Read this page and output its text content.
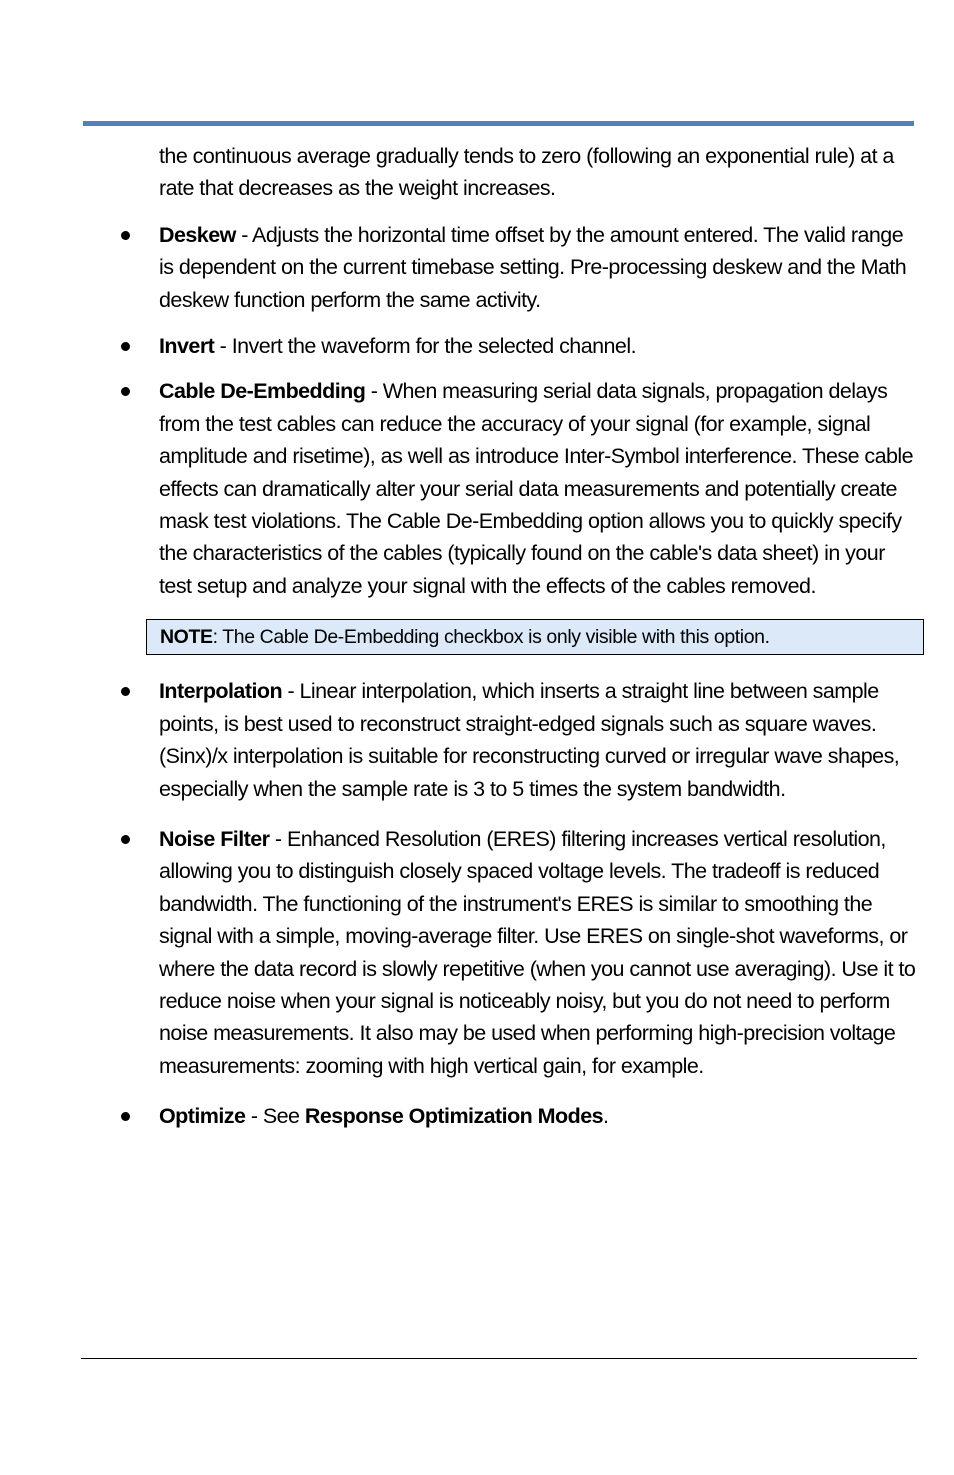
the continuous average gradually tends to zero (following an exponential rule) at a rate that decreases as the weight increases.
Deskew - Adjusts the horizontal time offset by the amount entered. The valid range is dependent on the current timebase setting. Pre-processing deskew and the Math deskew function perform the same activity.
Invert - Invert the waveform for the selected channel.
Cable De-Embedding - When measuring serial data signals, propagation delays from the test cables can reduce the accuracy of your signal (for example, signal amplitude and risetime), as well as introduce Inter-Symbol interference. These cable effects can dramatically alter your serial data measurements and potentially create mask test violations. The Cable De-Embedding option allows you to quickly specify the characteristics of the cables (typically found on the cable's data sheet) in your test setup and analyze your signal with the effects of the cables removed.
NOTE: The Cable De-Embedding checkbox is only visible with this option.
Interpolation - Linear interpolation, which inserts a straight line between sample points, is best used to reconstruct straight-edged signals such as square waves. (Sinx)/x interpolation is suitable for reconstructing curved or irregular wave shapes, especially when the sample rate is 3 to 5 times the system bandwidth.
Noise Filter - Enhanced Resolution (ERES) filtering increases vertical resolution, allowing you to distinguish closely spaced voltage levels. The tradeoff is reduced bandwidth. The functioning of the instrument's ERES is similar to smoothing the signal with a simple, moving-average filter. Use ERES on single-shot waveforms, or where the data record is slowly repetitive (when you cannot use averaging). Use it to reduce noise when your signal is noticeably noisy, but you do not need to perform noise measurements. It also may be used when performing high-precision voltage measurements: zooming with high vertical gain, for example.
Optimize - See Response Optimization Modes.
